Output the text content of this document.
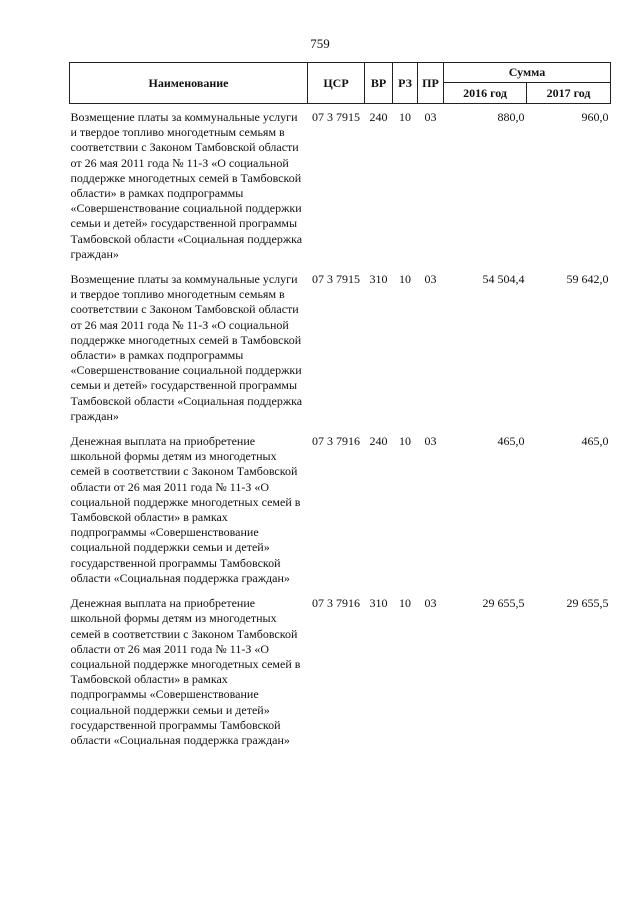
759
Наименование	ЦСР	ВР	РЗ	ПР	Сумма	
					2016 год	2017 год
Возмещение платы за коммунальные услуги и твердое топливо многодетным семьям в соответствии с Законом Тамбовской области от 26 мая 2011 года № 11-З «О социальной поддержке многодетных семей в Тамбовской области» в рамках подпрограммы «Совершенствование социальной поддержки семьи и детей» государственной программы Тамбовской области «Социальная поддержка граждан»	07 3 7915	240	10	03	880,0	960,0
Возмещение платы за коммунальные услуги и твердое топливо многодетным семьям в соответствии с Законом Тамбовской области от 26 мая 2011 года № 11-З «О социальной поддержке многодетных семей в Тамбовской области» в рамках подпрограммы «Совершенствование социальной поддержки семьи и детей» государственной программы Тамбовской области «Социальная поддержка граждан»	07 3 7915	310	10	03	54 504,4	59 642,0
Денежная выплата на приобретение школьной формы детям из многодетных семей в соответствии с Законом Тамбовской области от 26 мая 2011 года № 11-З «О социальной поддержке многодетных семей в Тамбовской области» в рамках подпрограммы «Совершенствование социальной поддержки семьи и детей» государственной программы Тамбовской области «Социальная поддержка граждан»	07 3 7916	240	10	03	465,0	465,0
Денежная выплата на приобретение школьной формы детям из многодетных семей в соответствии с Законом Тамбовской области от 26 мая 2011 года № 11-З «О социальной поддержке многодетных семей в Тамбовской области» в рамках подпрограммы «Совершенствование социальной поддержки семьи и детей» государственной программы Тамбовской области «Социальная поддержка граждан»	07 3 7916	310	10	03	29 655,5	29 655,5
